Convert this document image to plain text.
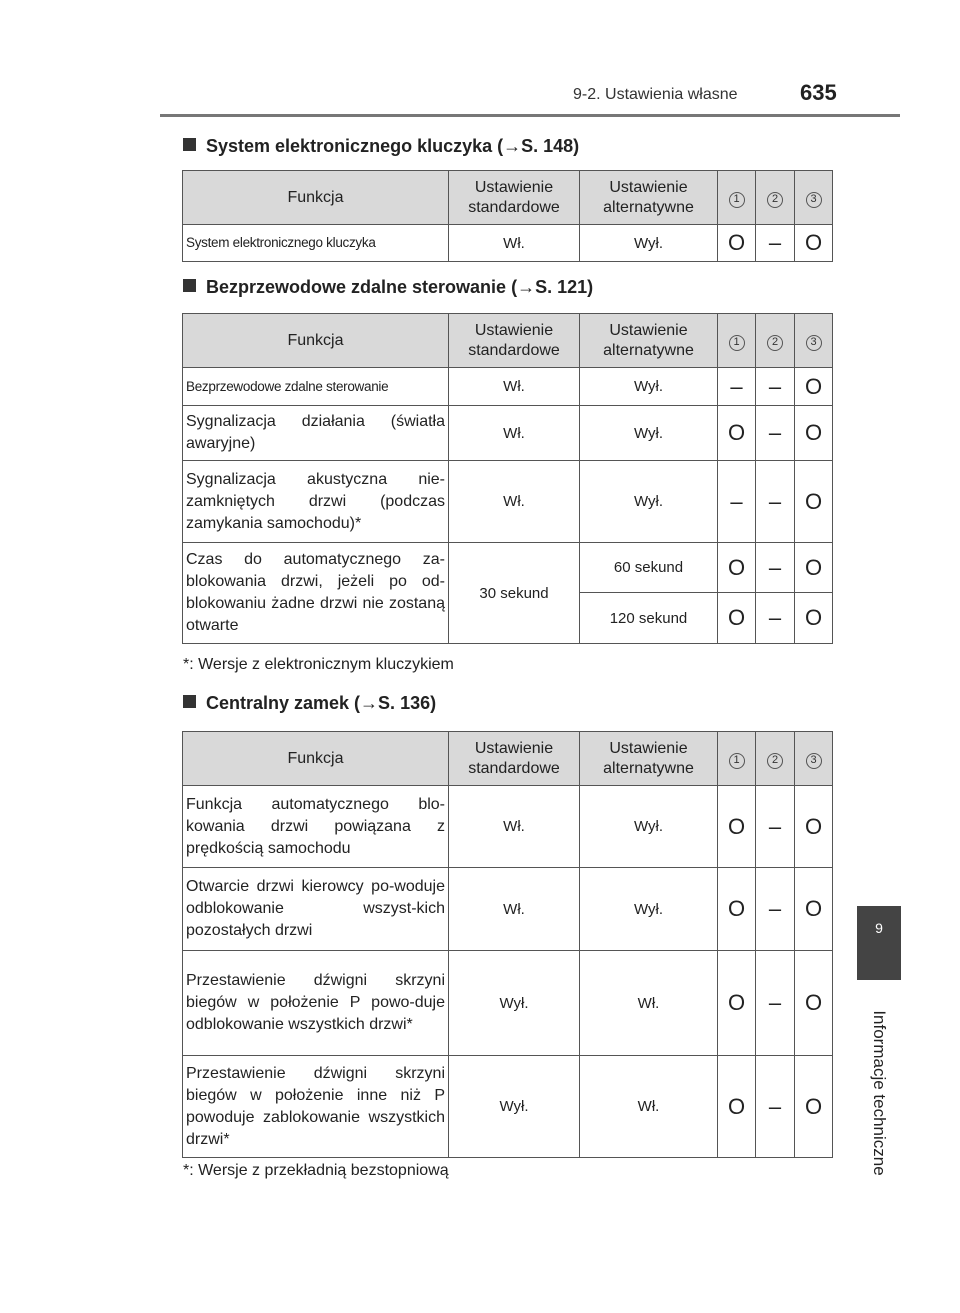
9-2. Ustawienia własne	635
9
Informacje techniczne
System elektronicznego kluczyka (→S. 148)
Funkcja	Ustawienie standardowe	Ustawienie alternatywne	1	2	3
System elektronicznego kluczyka	Wł.	Wył.	O	–	O
Bezprzewodowe zdalne sterowanie (→S. 121)
Funkcja	Ustawienie standardowe	Ustawienie alternatywne	1	2	3
Bezprzewodowe zdalne sterowanie	Wł.	Wył.	–	–	O
Sygnalizacja działania (światła awaryjne)	Wł.	Wył.	O	–	O
Sygnalizacja akustyczna nie-zamkniętych drzwi (podczas zamykania samochodu)*	Wł.	Wył.	–	–	O
Czas do automatycznego za-blokowania drzwi, jeżeli po od-blokowaniu żadne drzwi nie zostaną otwarte	30 sekund	60 sekund	O	–	O
		120 sekund	O	–	O
*: Wersje z elektronicznym kluczykiem
Centralny zamek (→S. 136)
Funkcja	Ustawienie standardowe	Ustawienie alternatywne	1	2	3
Funkcja automatycznego blo-kowania drzwi powiązana z prędkością samochodu	Wł.	Wył.	O	–	O
Otwarcie drzwi kierowcy po-woduje odblokowanie wszyst-kich pozostałych drzwi	Wł.	Wył.	O	–	O
Przestawienie dźwigni skrzyni biegów w położenie P powo-duje odblokowanie wszystkich drzwi*	Wył.	Wł.	O	–	O
Przestawienie dźwigni skrzyni biegów w położenie inne niż P powoduje zablokowanie wszystkich drzwi*	Wył.	Wł.	O	–	O
*: Wersje z przekładnią bezstopniową
